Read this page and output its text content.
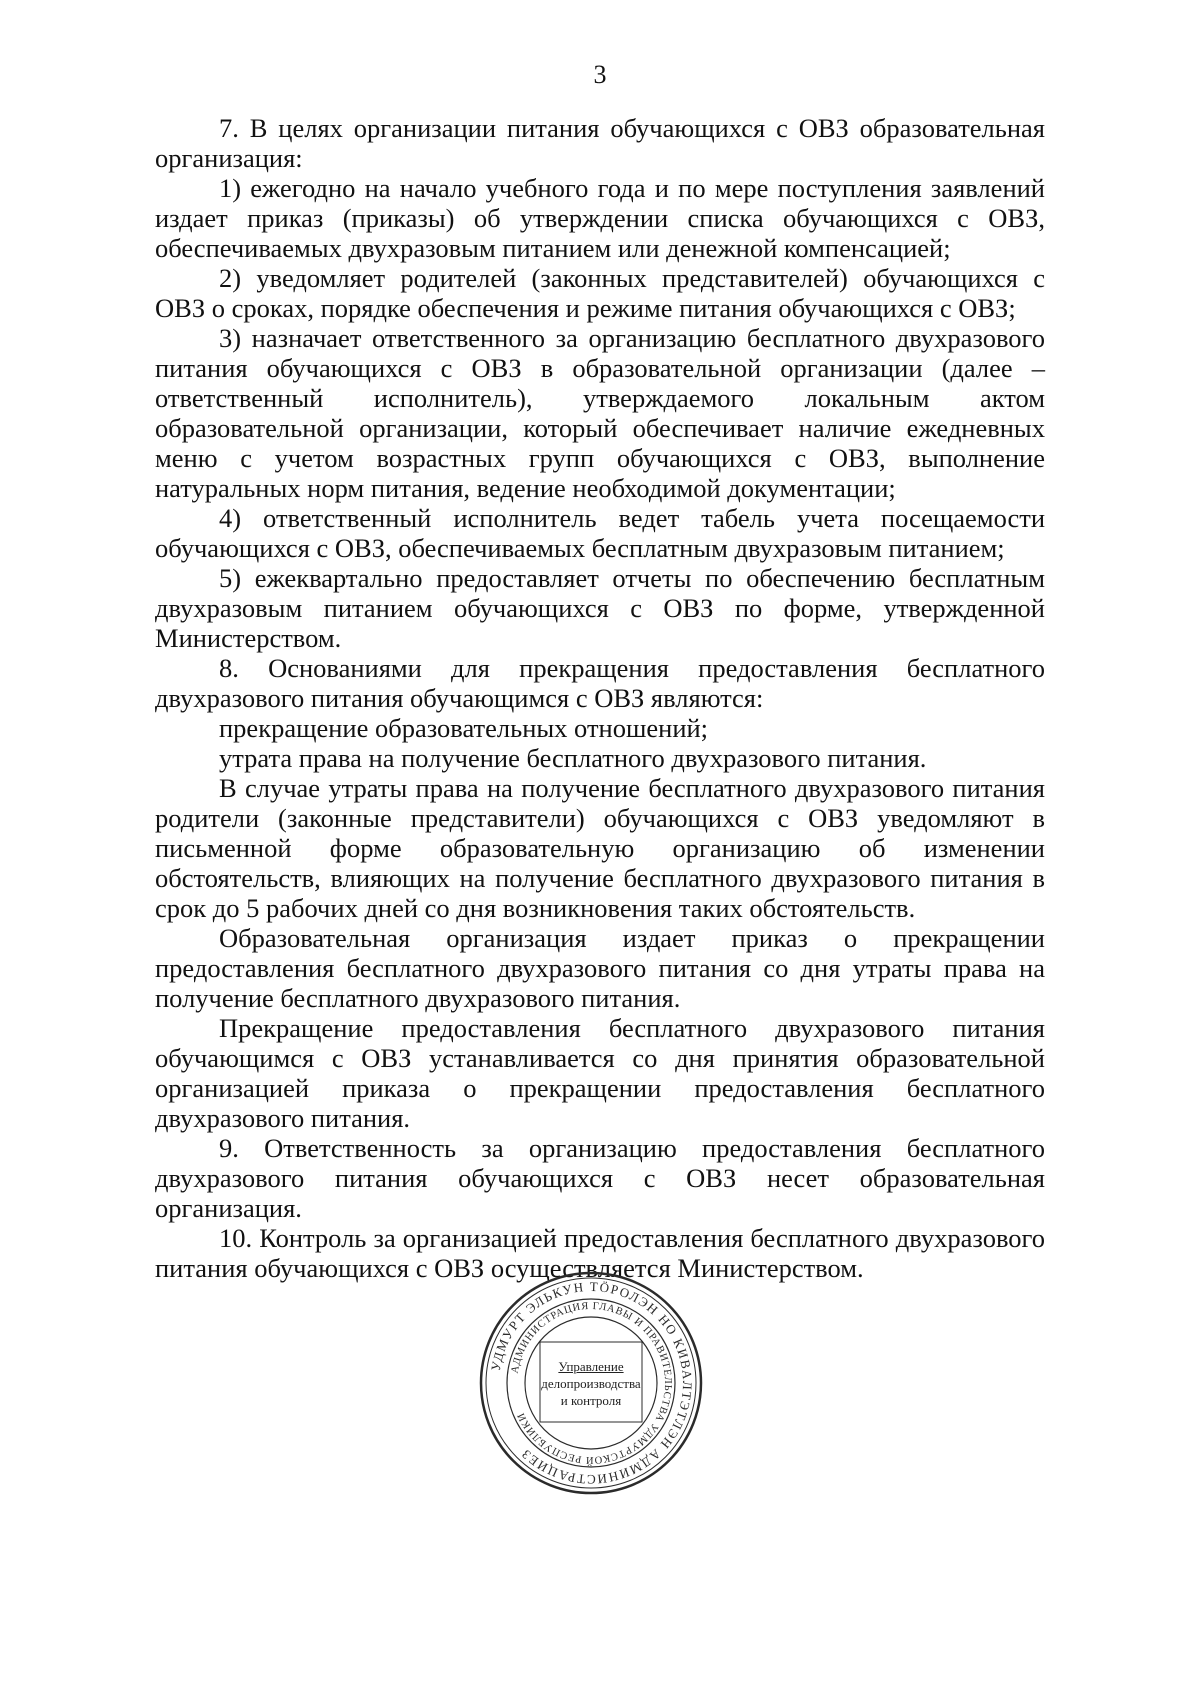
3

7. В целях организации питания обучающихся с ОВЗ образовательная организация:

1) ежегодно на начало учебного года и по мере поступления заявлений издает приказ (приказы) об утверждении списка обучающихся с ОВЗ, обеспечиваемых двухразовым питанием или денежной компенсацией;

2) уведомляет родителей (законных представителей) обучающихся с ОВЗ о сроках, порядке обеспечения и режиме питания обучающихся с ОВЗ;

3) назначает ответственного за организацию бесплатного двухразового питания обучающихся с ОВЗ в образовательной организации (далее – ответственный исполнитель), утверждаемого локальным актом образовательной организации, который обеспечивает наличие ежедневных меню с учетом возрастных групп обучающихся с ОВЗ, выполнение натуральных норм питания, ведение необходимой документации;

4) ответственный исполнитель ведет табель учета посещаемости обучающихся с ОВЗ, обеспечиваемых бесплатным двухразовым питанием;

5) ежеквартально предоставляет отчеты по обеспечению бесплатным двухразовым питанием обучающихся с ОВЗ по форме, утвержденной Министерством.

8. Основаниями для прекращения предоставления бесплатного двухразового питания обучающимся с ОВЗ являются:

прекращение образовательных отношений;

утрата права на получение бесплатного двухразового питания.

В случае утраты права на получение бесплатного двухразового питания родители (законные представители) обучающихся с ОВЗ уведомляют в письменной форме образовательную организацию об изменении обстоятельств, влияющих на получение бесплатного двухразового питания в срок до 5 рабочих дней со дня возникновения таких обстоятельств.

Образовательная организация издает приказ о прекращении предоставления бесплатного двухразового питания со дня утраты права на получение бесплатного двухразового питания.

Прекращение предоставления бесплатного двухразового питания обучающимся с ОВЗ устанавливается со дня принятия образовательной организацией приказа о прекращении предоставления бесплатного двухразового питания.

9. Ответственность за организацию предоставления бесплатного двухразового питания обучающихся с ОВЗ несет образовательная организация.

10. Контроль за организацией предоставления бесплатного двухразового питания обучающихся с ОВЗ осуществляется Министерством.

УДМУРТ ЭЛЬКУН ТӦРОЛЭН НО КИВАЛТЭТЛЭН АДМИНИСТРАЦИЕЗ
АДМИНИСТРАЦИЯ ГЛАВЫ И ПРАВИТЕЛЬСТВА УДМУРТСКОЙ РЕСПУБЛИКИ
Управление
делопроизводства
и контроля
